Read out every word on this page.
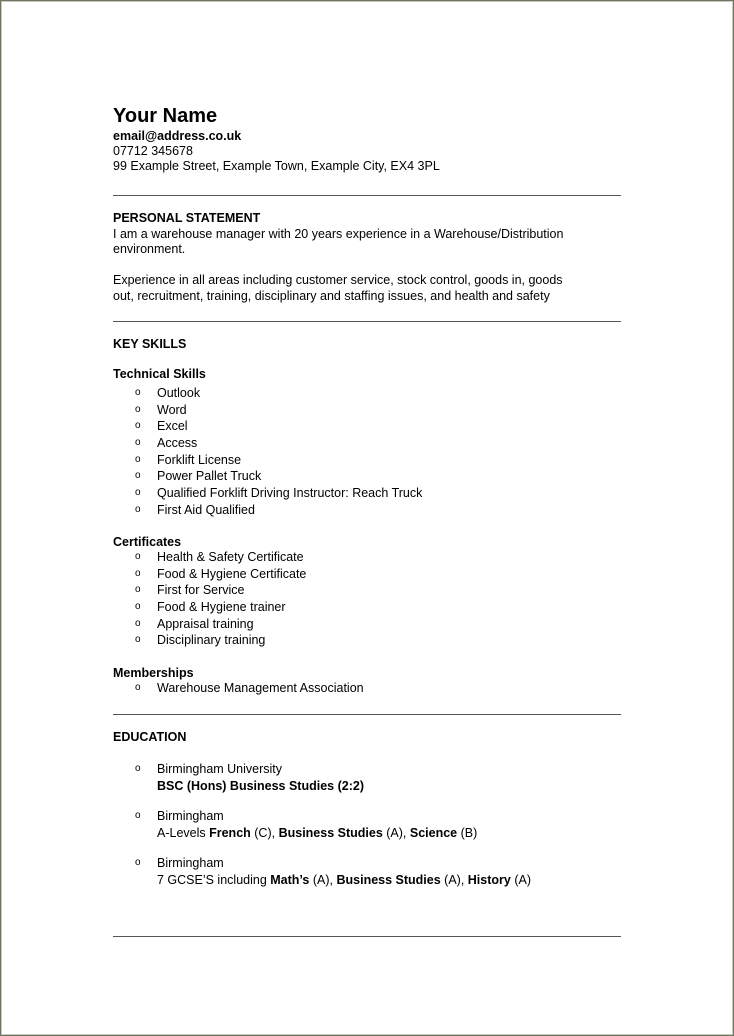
Your Name
email@address.co.uk
07712 345678
99 Example Street, Example Town, Example City, EX4 3PL
PERSONAL STATEMENT
I am a warehouse manager with 20 years experience in a Warehouse/Distribution
environment.
Experience in all areas including customer service, stock control, goods in, goods
out, recruitment, training, disciplinary and staffing issues, and health and safety
KEY SKILLS
Technical Skills
o Outlook
o Word
o Excel
o Access
o Forklift License
o Power Pallet Truck
o Qualified Forklift Driving Instructor: Reach Truck
o First Aid Qualified
Certificates
o Health & Safety Certificate
o Food & Hygiene Certificate
o First for Service
o Food & Hygiene trainer
o Appraisal training
o Disciplinary training
Memberships
o Warehouse Management Association
EDUCATION
o	Birmingham University
BSC (Hons) Business Studies (2:2)
o	Birmingham
A-Levels French (C), Business Studies (A), Science (B)
o	Birmingham
7 GCSE’S including Math’s (A), Business Studies (A), History (A)
